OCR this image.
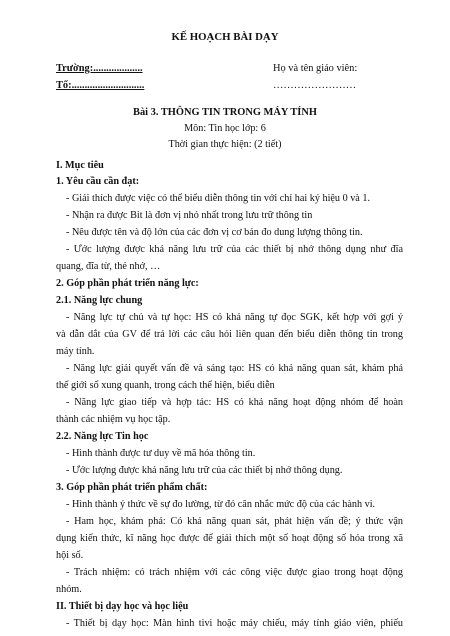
KẾ HOẠCH BÀI DẠY
Trường:...................
Tổ:............................
Họ và tên giáo viên:
……………………
Bài 3. THÔNG TIN TRONG MÁY TÍNH
Môn: Tin học lớp: 6
Thời gian thực hiện: (2 tiết)
I. Mục tiêu
1. Yêu cầu cần đạt:
- Giải thích được việc có thể biểu diễn thông tin với chỉ hai ký hiệu 0 và 1.
- Nhận ra được Bit là đơn vị nhỏ nhất trong lưu trữ thông tin
- Nêu được tên và độ lớn của các đơn vị cơ bản đo dung lượng thông tin.
- Ước lượng được khả năng lưu trữ của các thiết bị nhớ thông dụng như đĩa
quang, đĩa từ, thẻ nhớ, …
2. Góp phần phát triển năng lực:
2.1. Năng lực chung
- Năng lực tự chủ và tự học: HS có khả năng tự đọc SGK, kết hợp với gợi ý
và dẫn dắt của GV để trả lời các câu hỏi liên quan đến biểu diễn thông tin trong
máy tính.
- Năng lực giải quyết vấn đề và sáng tạo: HS có khả năng quan sát, khám phá
thế giới số xung quanh, trong cách thể hiện, biểu diễn
- Năng lực giao tiếp và hợp tác: HS có khả năng hoạt động nhóm để hoàn
thành các nhiệm vụ học tập.
2.2. Năng lực Tin học
- Hình thành được tư duy về mã hóa thông tin.
- Ước lượng được khả năng lưu trữ của các thiết bị nhớ thông dụng.
3. Góp phần phát triển phẩm chất:
- Hình thành ý thức về sự đo lường, từ đó cân nhắc mức độ của các hành vi.
- Ham học, khám phá: Có khả năng quan sát, phát hiện vấn đề; ý thức vận
dụng kiến thức, kĩ năng học được để giải thích một số hoạt động số hóa trong xã
hội số.
- Trách nhiệm: có trách nhiệm với các công việc được giao trong hoạt động
nhóm.
II. Thiết bị dạy học và học liệu
- Thiết bị dạy học: Màn hình tivi hoặc máy chiếu, máy tính giáo viên, phiếu
